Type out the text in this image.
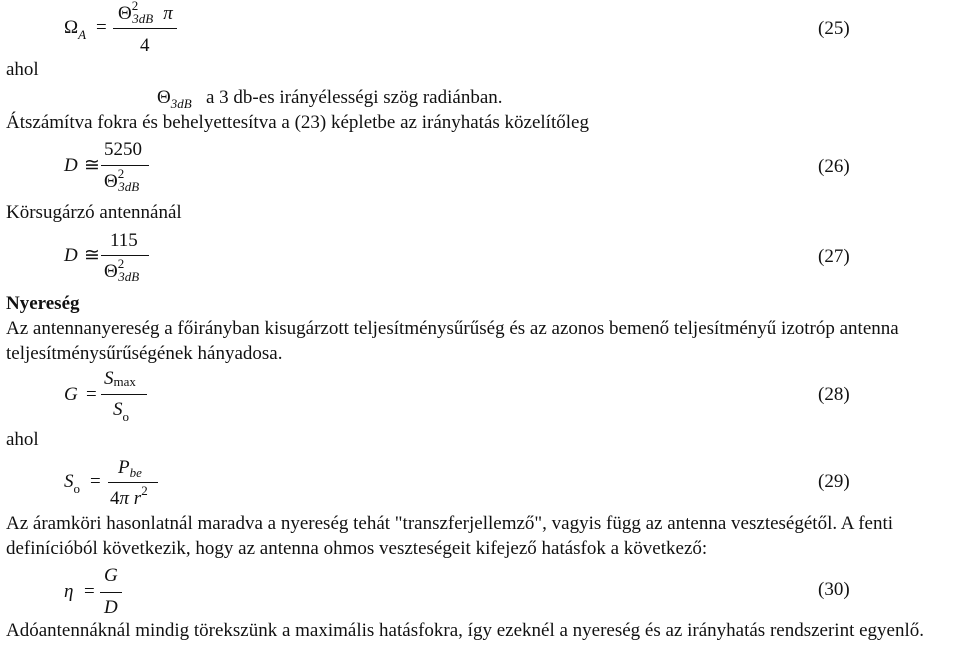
$\Omega_A$ =
$\Theta^2_{3dB}$ π
4
(25)
ahol
$\Theta_{3dB}$ a 3 db-es irányélességi szög radiánban.
Átszámítva fokra és behelyettesítva a (23) képletbe az irányhatás közelítőleg
D ≅
5250
$\Theta^2_{3dB}$
(26)
Körsugárzó antennánál
D ≅
115
$\Theta^2_{3dB}$
(27)
Nyereség
Az antennanyereség a főirányban kisugárzott teljesítménysűrűség és az azonos bemenő teljesítményű izotróp antenna teljesítménysűrűségének hányadosa.
G =
Smax
$S_o$
(28)
ahol
$S_o$ =
$P_{be}$
4π $r^2$	(29)
Az áramköri hasonlatnál maradva a nyereség tehát "transzferjellemző", vagyis függ az antenna veszteségétől. A fenti definícióból következik, hogy az antenna ohmos veszteségeit kifejező hatásfok a következő:
η =
G
D
(30)
Adóantennáknál mindig törekszünk a maximális hatásfokra, így ezeknél a nyereség és az irányhatás rendszerint egyenlő.
